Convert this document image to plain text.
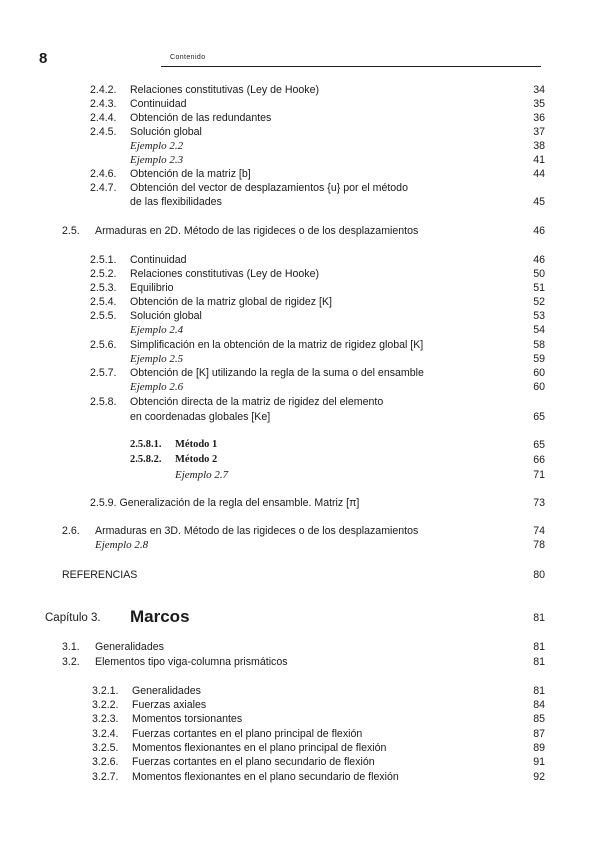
8	Contenido
2.4.2. Relaciones constitutivas (Ley de Hooke)	34
2.4.3. Continuidad	35
2.4.4. Obtención de las redundantes	36
2.4.5. Solución global	37
Ejemplo 2.2	38
Ejemplo 2.3	41
2.4.6. Obtención de la matriz [b]	44
2.4.7. Obtención del vector de desplazamientos {u} por el método
de las flexibilidades	45
2.5. Armaduras en 2D. Método de las rigideces o de los desplazamientos	46
2.5.1. Continuidad	46
2.5.2. Relaciones constitutivas (Ley de Hooke)	50
2.5.3. Equilibrio	51
2.5.4. Obtención de la matriz global de rigidez [K]	52
2.5.5. Solución global	53
Ejemplo 2.4	54
2.5.6. Simplificación en la obtención de la matriz de rigidez global [K]	58
Ejemplo 2.5	59
2.5.7. Obtención de [K] utilizando la regla de la suma o del ensamble	60
Ejemplo 2.6	60
2.5.8. Obtención directa de la matriz de rigidez del elemento
en coordenadas globales [Ke]	65
2.5.8.1. Método 1	65
2.5.8.2. Método 2	66
Ejemplo 2.7	71
2.5.9. Generalización de la regla del ensamble. Matriz [π]	73
2.6. Armaduras en 3D. Método de las rigideces o de los desplazamientos	74
Ejemplo 2.8	78
REFERENCIAS	80
Capítulo 3. Marcos	81
3.1. Generalidades	81
3.2. Elementos tipo viga-columna prismáticos	81
3.2.1. Generalidades	81
3.2.2. Fuerzas axiales	84
3.2.3. Momentos torsionantes	85
3.2.4. Fuerzas cortantes en el plano principal de flexión	87
3.2.5. Momentos flexionantes en el plano principal de flexión	89
3.2.6. Fuerzas cortantes en el plano secundario de flexión	91
3.2.7. Momentos flexionantes en el plano secundario de flexión	92
